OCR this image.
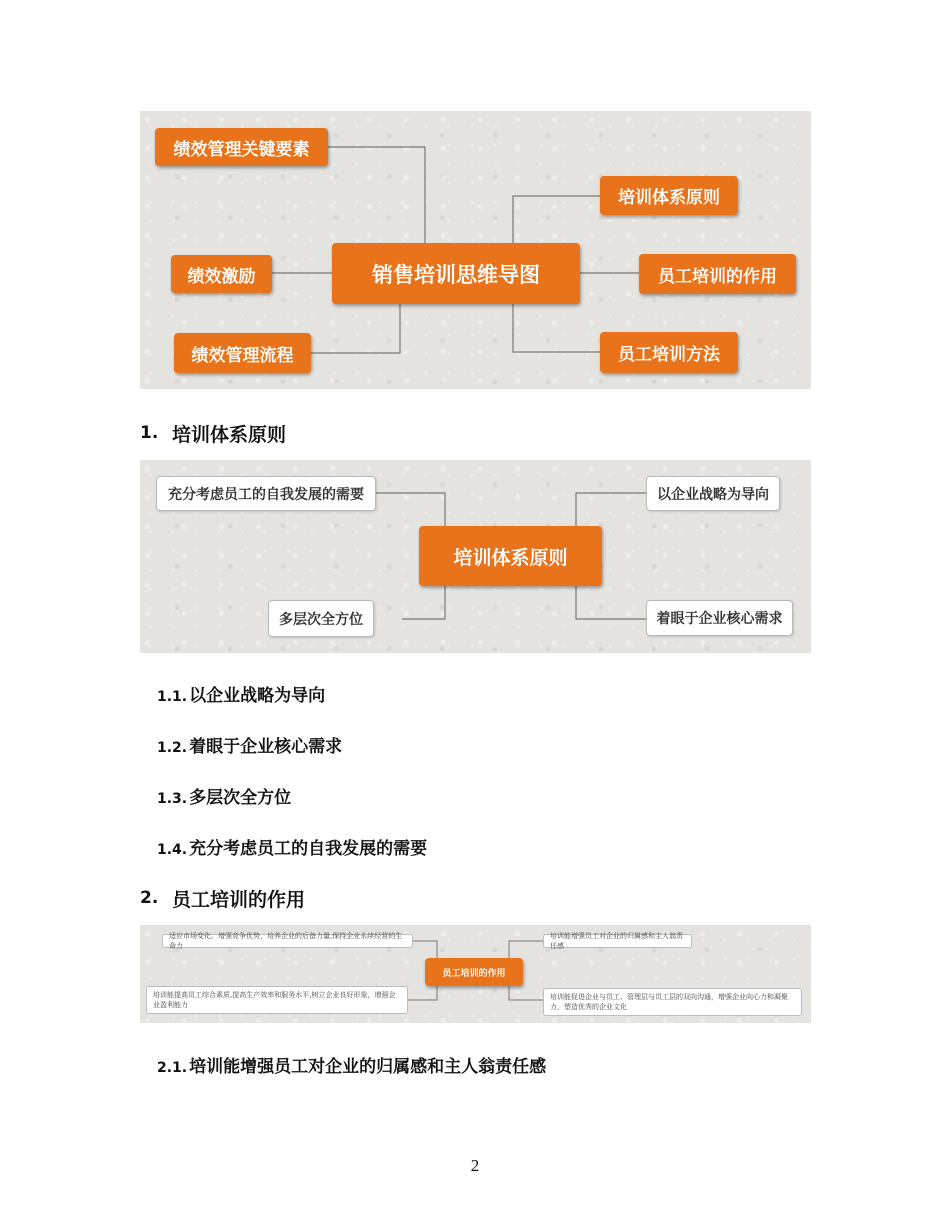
绩效管理关键要素
绩效激励
绩效管理流程
销售培训思维导图
培训体系原则
员工培训的作用
员工培训方法
1. 培训体系原则
充分考虑员工的自我发展的需要
多层次全方位
培训体系原则
以企业战略为导向
着眼于企业核心需求
1.1. 以企业战略为导向
1.2. 着眼于企业核心需求
1.3. 多层次全方位
1.4. 充分考虑员工的自我发展的需要
2. 员工培训的作用
适应市场变化、增强竞争优势，培养企业的后备力量,保持企业永续经营的生命力
培训能提高员工综合素质,提高生产效率和服务水平,树立企业良好形象，增强企业盈利能力
员工培训的作用
培训能增强员工对企业的归属感和主人翁责任感
培训能促进企业与员工、管理层与员工层的双向沟通，增强企业向心力和凝聚力，塑造优秀的企业文化
2.1. 培训能增强员工对企业的归属感和主人翁责任感
2
